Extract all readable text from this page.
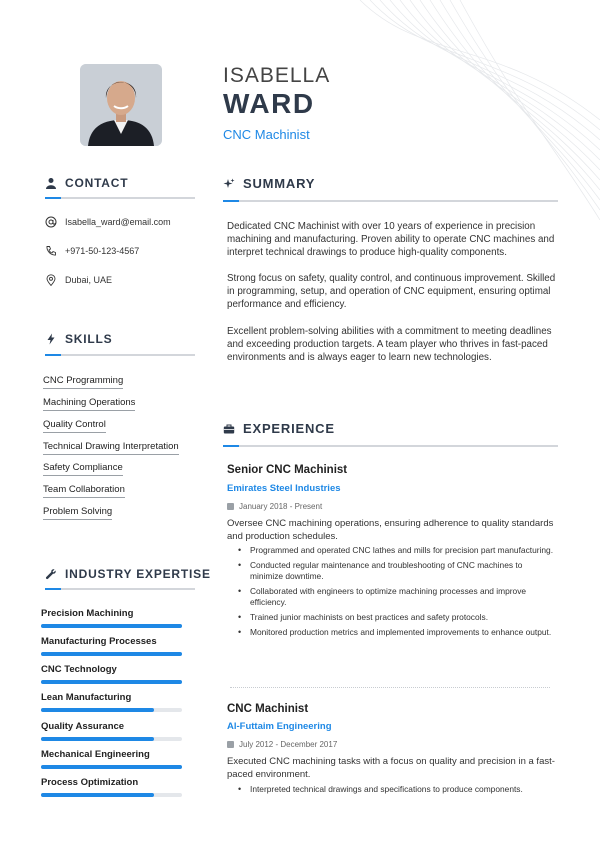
ISABELLA
WARD
CNC Machinist
CONTACT
Isabella_ward@email.com
+971-50-123-4567
Dubai, UAE
SKILLS
CNC Programming
Machining Operations
Quality Control
Technical Drawing Interpretation
Safety Compliance
Team Collaboration
Problem Solving
INDUSTRY EXPERTISE
Precision Machining
Manufacturing Processes
CNC Technology
Lean Manufacturing
Quality Assurance
Mechanical Engineering
Process Optimization
SUMMARY

Dedicated CNC Machinist with over 10 years of experience in precision machining and manufacturing. Proven ability to operate CNC machines and interpret technical drawings to produce high-quality components.

Strong focus on safety, quality control, and continuous improvement. Skilled in programming, setup, and operation of CNC equipment, ensuring optimal performance and efficiency.

Excellent problem-solving abilities with a commitment to meeting deadlines and exceeding production targets. A team player who thrives in fast-paced environments and is always eager to learn new technologies.

EXPERIENCE
Senior CNC Machinist
Emirates Steel Industries
January 2018 - Present

Oversee CNC machining operations, ensuring adherence to quality standards and production schedules.

• Programmed and operated CNC lathes and mills for precision part manufacturing.
• Conducted regular maintenance and troubleshooting of CNC machines to minimize downtime.
• Collaborated with engineers to optimize machining processes and improve efficiency.
• Trained junior machinists on best practices and safety protocols.
• Monitored production metrics and implemented improvements to enhance output.
CNC Machinist
Al-Futtaim Engineering
July 2012 - December 2017

Executed CNC machining tasks with a focus on quality and precision in a fast-paced environment.

• Interpreted technical drawings and specifications to produce components.
